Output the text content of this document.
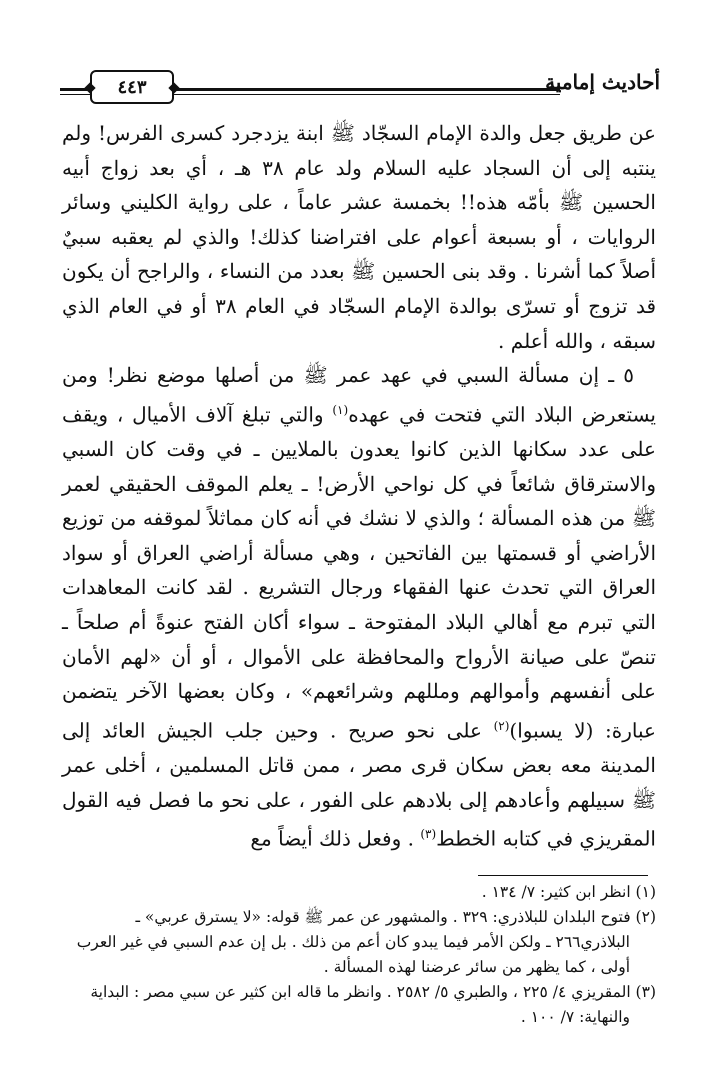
أحاديث إمامية
٤٤٣

عن طريق جعل والدة الإمام السجّاد ﷺ ابنة يزدجرد كسرى الفرس! ولم ينتبه إلى أن السجاد عليه السلام ولد عام ٣٨ هـ ، أي بعد زواج أبيه الحسين ﷺ بأمّه هذه!! بخمسة عشر عاماً ، على رواية الكليني وسائر الروايات ، أو بسبعة أعوام على افتراضنا كذلك! والذي لم يعقبه سبيٌ أصلاً كما أشرنا . وقد بنى الحسين ﷺ بعدد من النساء ، والراجح أن يكون قد تزوج أو تسرّى بوالدة الإمام السجّاد في العام ٣٨ أو في العام الذي سبقه ، والله أعلم .

٥ ـ إن مسألة السبي في عهد عمر ﷺ من أصلها موضع نظر! ومن يستعرض البلاد التي فتحت في عهده$^{(١)}$ والتي تبلغ آلاف الأميال ، ويقف على عدد سكانها الذين كانوا يعدون بالملايين ـ في وقت كان السبي والاسترقاق شائعاً في كل نواحي الأرض! ـ يعلم الموقف الحقيقي لعمر ﷺ من هذه المسألة ؛ والذي لا نشك في أنه كان مماثلاً لموقفه من توزيع الأراضي أو قسمتها بين الفاتحين ، وهي مسألة أراضي العراق أو سواد العراق التي تحدث عنها الفقهاء ورجال التشريع . لقد كانت المعاهدات التي تبرم مع أهالي البلاد المفتوحة ـ سواء أكان الفتح عنوةً أم صلحاً ـ تنصّ على صيانة الأرواح والمحافظة على الأموال ، أو أن «لهم الأمان على أنفسهم وأموالهم ومللهم وشرائعهم» ، وكان بعضها الآخر يتضمن عبارة: (لا يسبوا)$^{(٢)}$ على نحو صريح . وحين جلب الجيش العائد إلى المدينة معه بعض سكان قرى مصر ، ممن قاتل المسلمين ، أخلى عمر ﷺ سبيلهم وأعادهم إلى بلادهم على الفور ، على نحو ما فصل فيه القول المقريزي في كتابه الخطط$^{(٣)}$ . وفعل ذلك أيضاً مع

(١) انظر ابن كثير: ٧/ ١٣٤ .

(٢) فتوح البلدان للبلاذري: ٣٢٩ . والمشهور عن عمر ﷺ قوله: «لا يسترق عربي» ـ

البلاذري٢٦٦ ـ ولكن الأمر فيما يبدو كان أعم من ذلك . بل إن عدم السبي في غير العرب أولى ، كما يظهر من سائر عرضنا لهذه المسألة .

(٣) المقريزي ٤/ ٢٢٥ ، والطبري ٥/ ٢٥٨٢ . وانظر ما قاله ابن كثير عن سبي مصر : البداية

والنهاية: ٧/ ١٠٠ .
